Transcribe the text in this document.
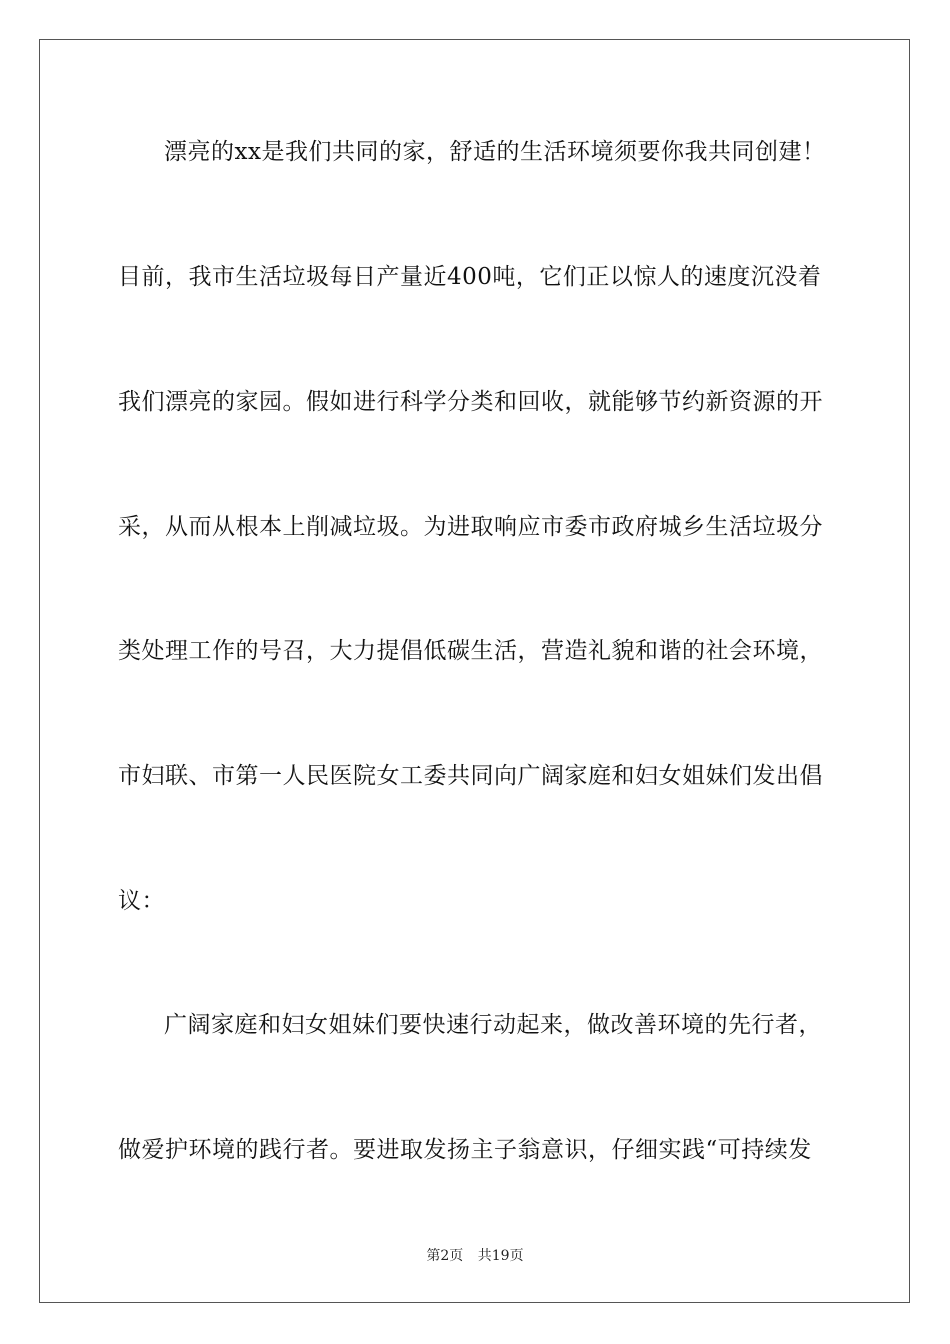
漂亮的xx是我们共同的家，舒适的生活环境须要你我共同创建！
目前，我市生活垃圾每日产量近400吨，它们正以惊人的速度沉没着
我们漂亮的家园。假如进行科学分类和回收，就能够节约新资源的开
采，从而从根本上削减垃圾。为进取响应市委市政府城乡生活垃圾分
类处理工作的号召，大力提倡低碳生活，营造礼貌和谐的社会环境，
市妇联、市第一人民医院女工委共同向广阔家庭和妇女姐妹们发出倡
议：
广阔家庭和妇女姐妹们要快速行动起来，做改善环境的先行者，
做爱护环境的践行者。要进取发扬主子翁意识，仔细实践“可持续发
第2页 共19页
